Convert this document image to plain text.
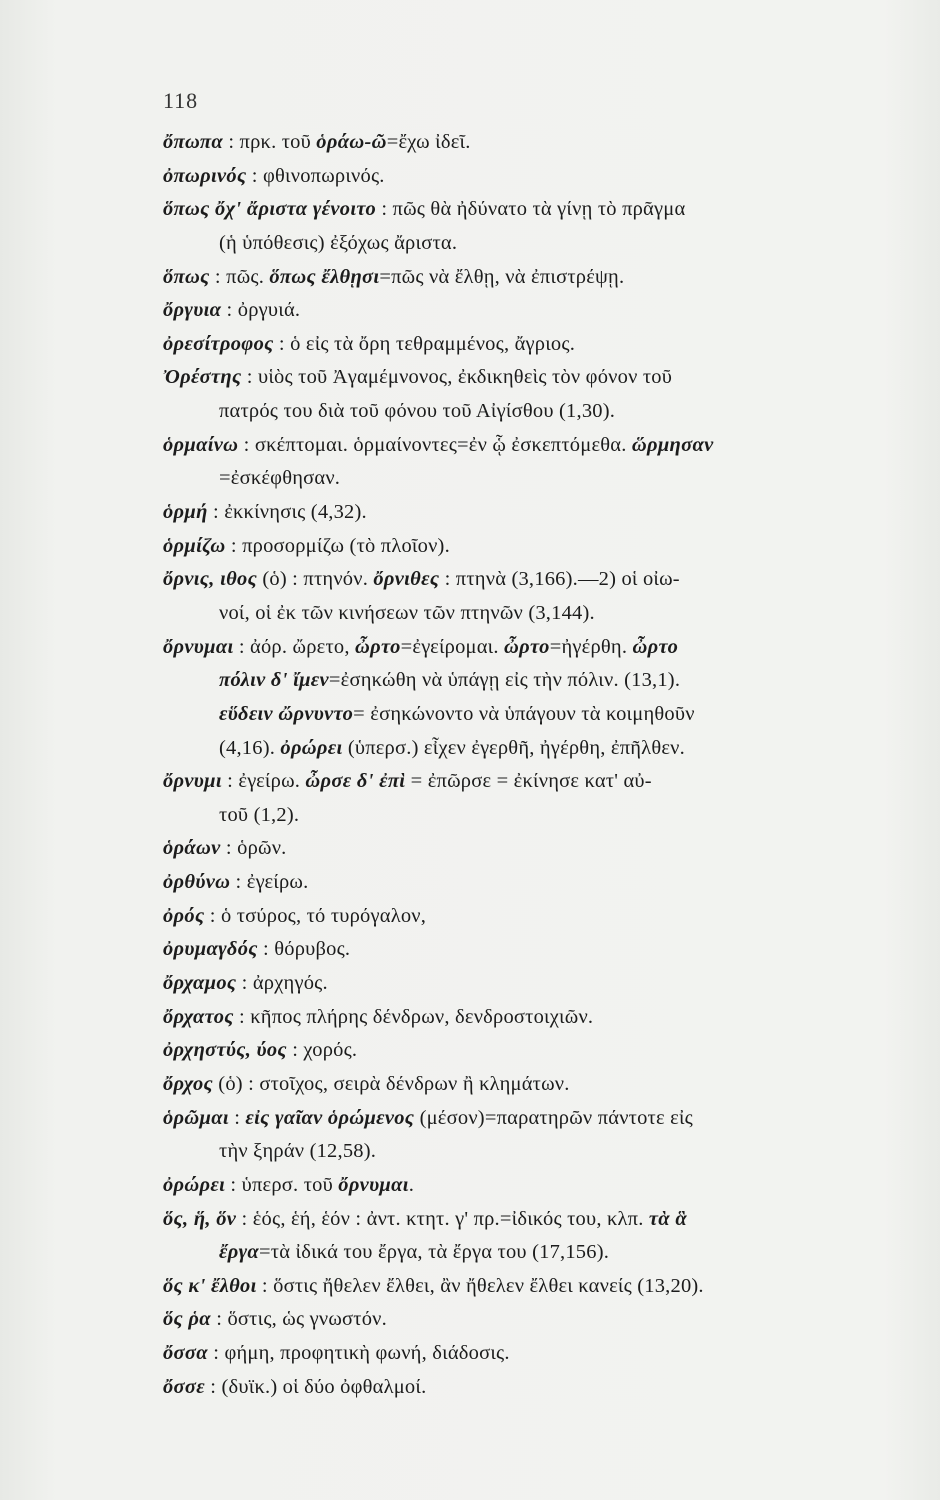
118
ὄπωπα : πρκ. τοῦ ὁράω-ῶ=ἔχω ἰδεῖ.
ὀπωρινός : φθινοπωρινός.
ὅπως ὄχ' ἄριστα γένοιτο : πῶς θὰ ἠδύνατο τὰ γίνῃ τὸ πρᾶγμα
(ἡ ὑπόθεσις) ἐξόχως ἄριστα.
ὅπως : πῶς. ὅπως ἔλθῃσι=πῶς νὰ ἔλθῃ, νὰ ἐπιστρέψῃ.
ὄργυια : ὀργυιά.
ὀρεσίτροφος : ὁ εἰς τὰ ὄρη τεθραμμένος, ἄγριος.
Ὀρέστης : υἱὸς τοῦ Ἀγαμέμνονος, ἐκδικηθεὶς τὸν φόνον τοῦ
πατρός του διὰ τοῦ φόνου τοῦ Αἰγίσθου (1,30).
ὁρμαίνω : σκέπτομαι. ὁρμαίνοντες=ἐν ᾧ ἐσκεπτόμεθα. ὥρμησαν
=ἐσκέφθησαν.
ὁρμή : ἐκκίνησις (4,32).
ὁρμίζω : προσορμίζω (τὸ πλοῖον).
ὄρνις, ιθος (ὁ) : πτηνόν. ὄρνιθες : πτηνὰ (3,166).—2) οἱ οἰω-
νοί, οἱ ἐκ τῶν κινήσεων τῶν πτηνῶν (3,144).
ὄρνυμαι : ἀόρ. ὤρετο, ὦρτο=ἐγείρομαι. ὦρτο=ἠγέρθη. ὦρτο
πόλιν δ' ἴμεν=ἐσηκώθη νὰ ὑπάγῃ εἰς τὴν πόλιν. (13,1).
εὕδειν ὤρνυντο= ἐσηκώνοντο νὰ ὑπάγουν τὰ κοιμηθοῦν
(4,16). ὀρώρει (ὑπερσ.) εἶχεν ἐγερθῆ, ἠγέρθη, ἐπῆλθεν.
ὄρνυμι : ἐγείρω. ὦρσε δ' ἐπὶ = ἐπῶρσε = ἐκίνησε κατ' αὐ-
τοῦ (1,2).
ὁράων : ὁρῶν.
ὀρθύνω : ἐγείρω.
ὀρός : ὁ τσύρος, τό τυρόγαλον,
ὀρυμαγδός : θόρυβος.
ὄρχαμος : ἀρχηγός.
ὄρχατος : κῆπος πλήρης δένδρων, δενδροστοιχιῶν.
ὀρχηστύς, ύος : χορός.
ὄρχος (ὁ) : στοῖχος, σειρὰ δένδρων ἢ κλημάτων.
ὁρῶμαι : εἰς γαῖαν ὁρώμενος (μέσον)=παρατηρῶν πάντοτε εἰς
τὴν ξηράν (12,58).
ὀρώρει : ὑπερσ. τοῦ ὄρνυμαι.
ὅς, ἥ, ὅν : ἑός, ἑή, ἑόν : ἀντ. κτητ. γ' πρ.=ἰδικός του, κλπ. τὰ ἃ
ἔργα=τὰ ἰδικά του ἔργα, τὰ ἔργα του (17,156).
ὅς κ' ἔλθοι : ὅστις ἤθελεν ἔλθει, ἂν ἤθελεν ἔλθει κανείς (13,20).
ὅς ῥα : ὅστις, ὡς γνωστόν.
ὄσσα : φήμη, προφητικὴ φωνή, διάδοσις.
ὄσσε : (δυϊκ.) οἱ δύο ὀφθαλμοί.
